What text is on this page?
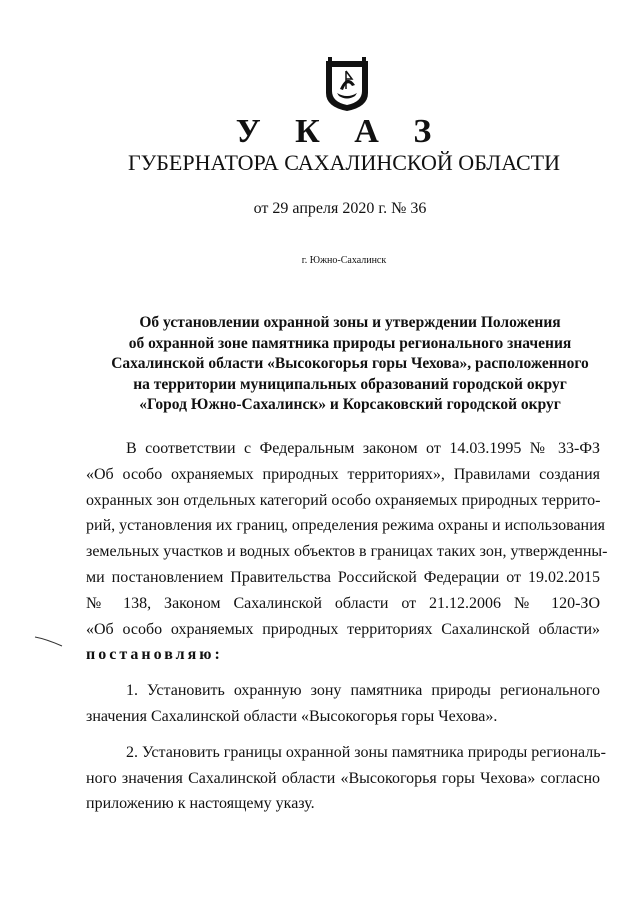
У К А З
ГУБЕРНАТОРА САХАЛИНСКОЙ ОБЛАСТИ
от 29 апреля 2020 г. № 36
г. Южно-Сахалинск
Об установлении охранной зоны и утверждении Положения
об охранной зоне памятника природы регионального значения
Сахалинской области «Высокогорья горы Чехова», расположенного
на территории муниципальных образований городской округ
«Город Южно-Сахалинск» и Корсаковский городской округ
В соответствии с Федеральным законом от 14.03.1995 № 33-ФЗ
«Об особо охраняемых природных территориях», Правилами создания
охранных зон отдельных категорий особо охраняемых природных террито-
рий, установления их границ, определения режима охраны и использования
земельных участков и водных объектов в границах таких зон, утвержденны-
ми постановлением Правительства Российской Федерации от 19.02.2015
№ 138, Законом Сахалинской области от 21.12.2006 № 120-ЗО
«Об особо охраняемых природных территориях Сахалинской области»
постановляю:
1. Установить охранную зону памятника природы регионального
значения Сахалинской области «Высокогорья горы Чехова».
2. Установить границы охранной зоны памятника природы региональ-
ного значения Сахалинской области «Высокогорья горы Чехова» согласно
приложению к настоящему указу.
